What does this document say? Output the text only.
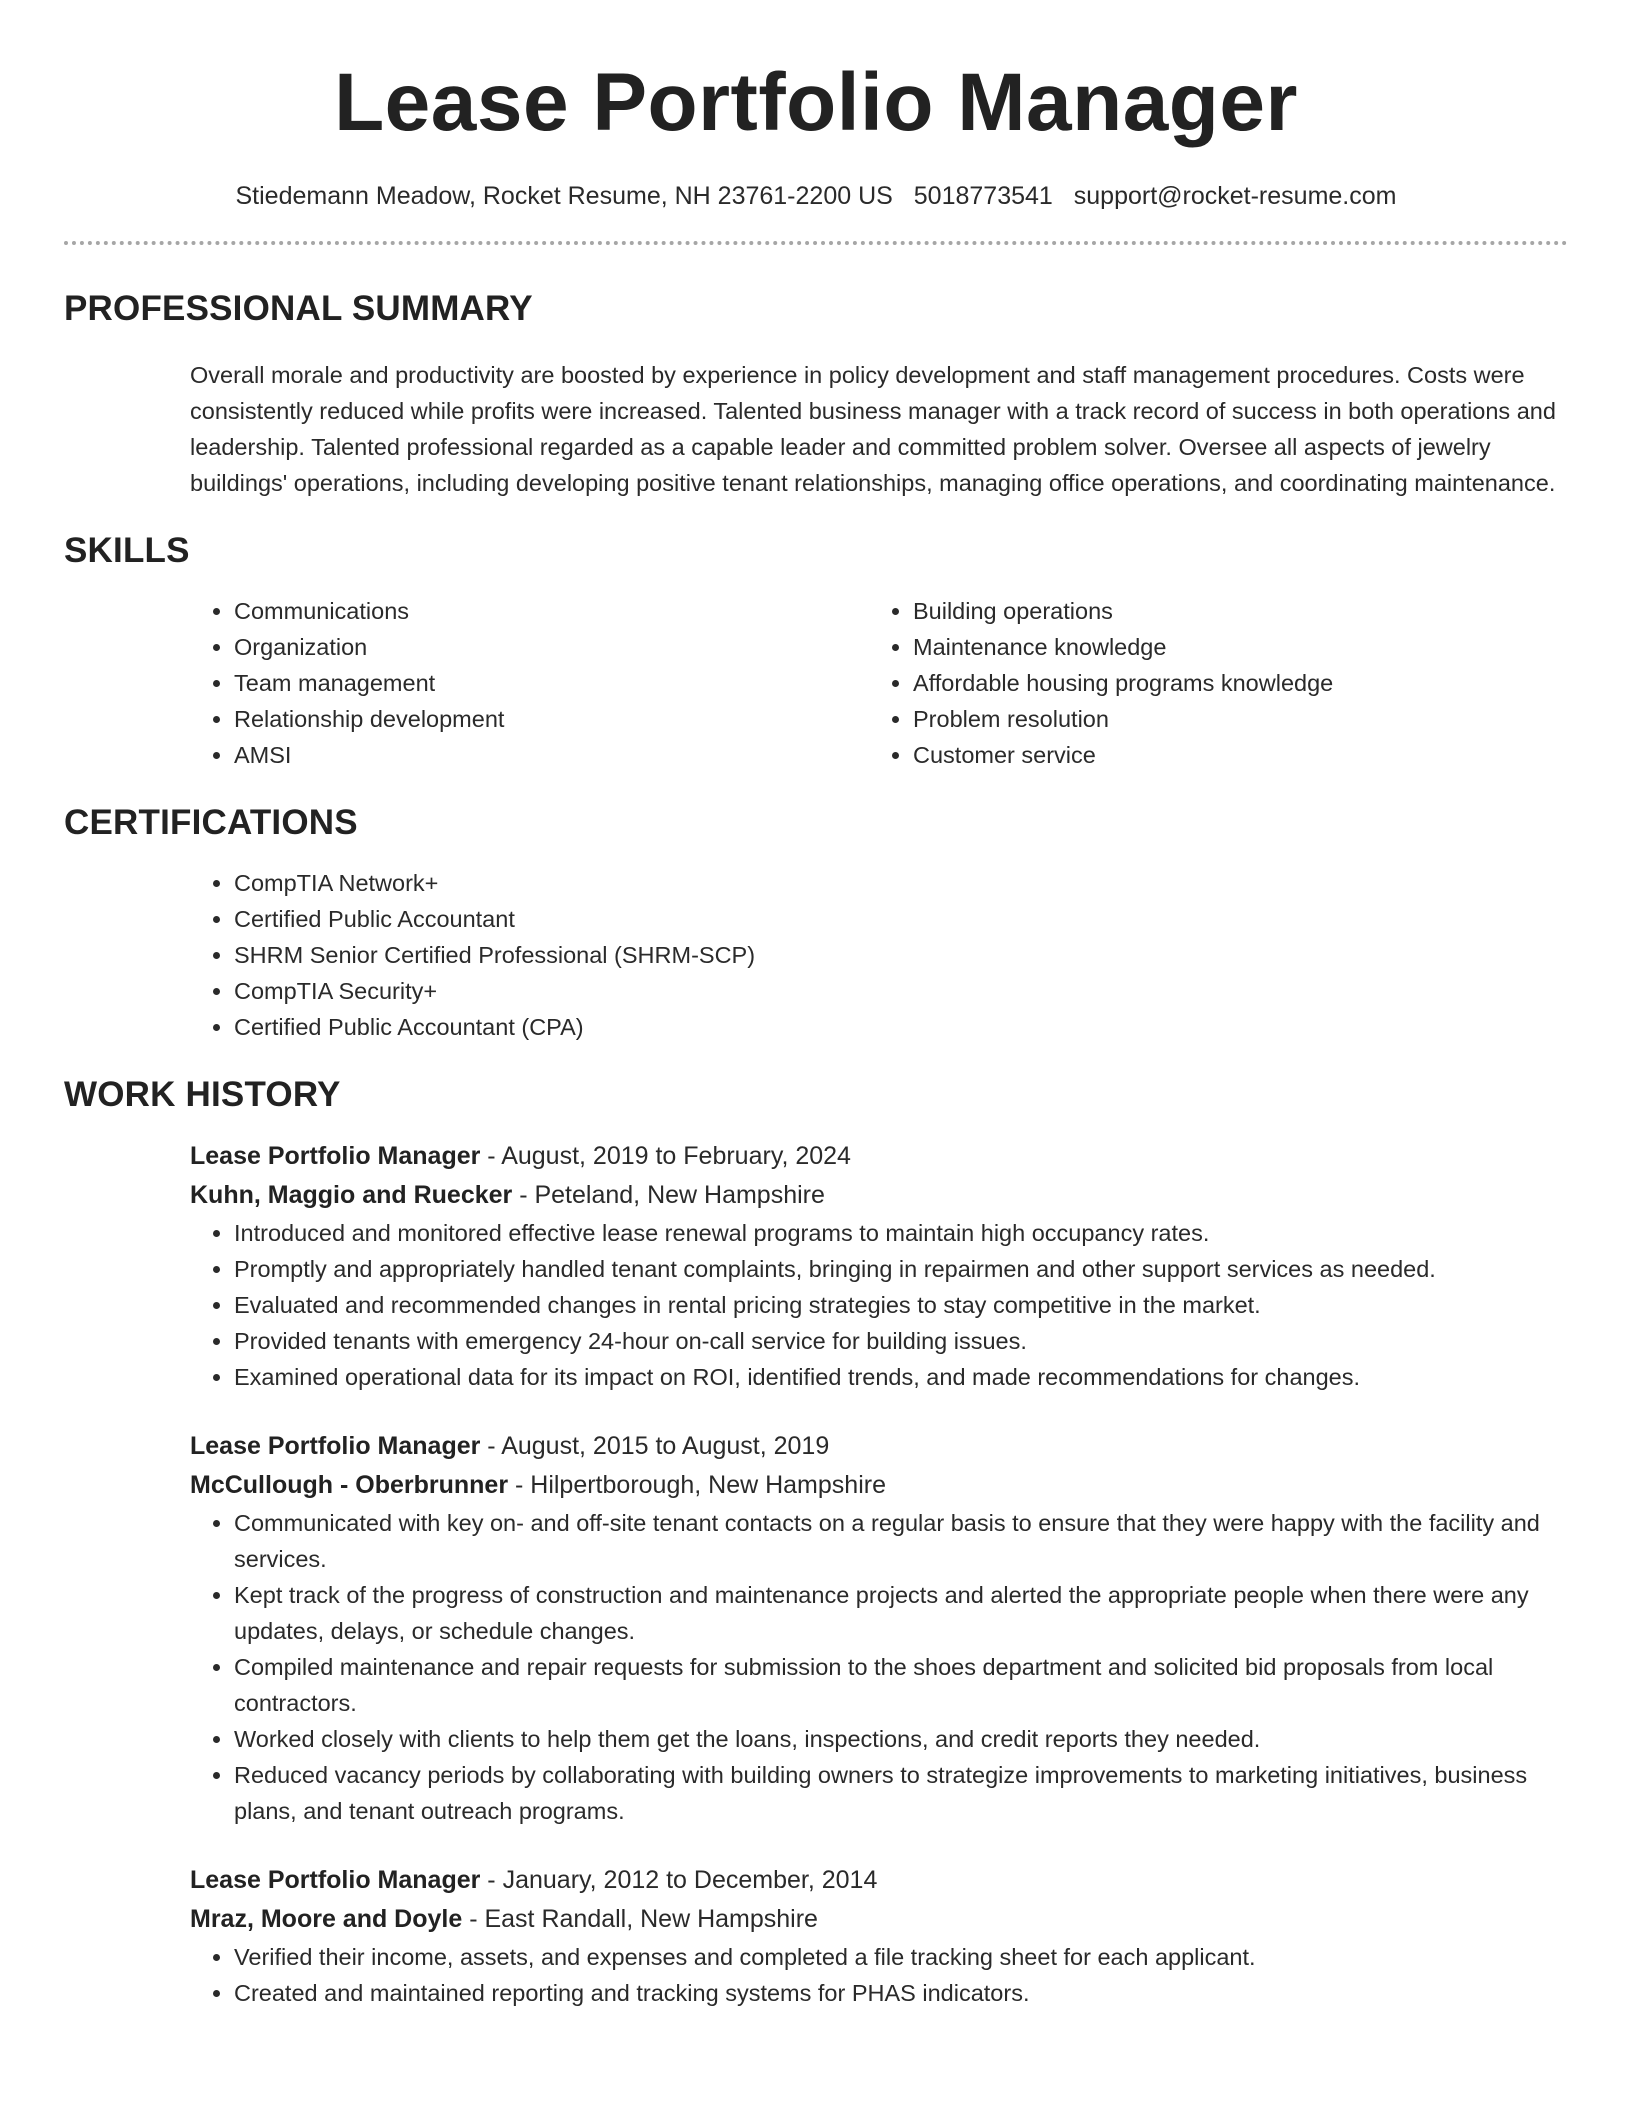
Lease Portfolio Manager
Stiedemann Meadow, Rocket Resume, NH 23761-2200 US 5018773541 support@rocket-resume.com
PROFESSIONAL SUMMARY
Overall morale and productivity are boosted by experience in policy development and staff management procedures. Costs were consistently reduced while profits were increased. Talented business manager with a track record of success in both operations and leadership. Talented professional regarded as a capable leader and committed problem solver. Oversee all aspects of jewelry buildings' operations, including developing positive tenant relationships, managing office operations, and coordinating maintenance.
SKILLS
• Communications
• Organization
• Team management
• Relationship development
• AMSI
• Building operations
• Maintenance knowledge
• Affordable housing programs knowledge
• Problem resolution
• Customer service
CERTIFICATIONS
• CompTIA Network+
• Certified Public Accountant
• SHRM Senior Certified Professional (SHRM-SCP)
• CompTIA Security+
• Certified Public Accountant (CPA)
WORK HISTORY
Lease Portfolio Manager - August, 2019 to February, 2024
Kuhn, Maggio and Ruecker - Peteland, New Hampshire
• Introduced and monitored effective lease renewal programs to maintain high occupancy rates.
• Promptly and appropriately handled tenant complaints, bringing in repairmen and other support services as needed.
• Evaluated and recommended changes in rental pricing strategies to stay competitive in the market.
• Provided tenants with emergency 24-hour on-call service for building issues.
• Examined operational data for its impact on ROI, identified trends, and made recommendations for changes.
Lease Portfolio Manager - August, 2015 to August, 2019
McCullough - Oberbrunner - Hilpertborough, New Hampshire
• Communicated with key on- and off-site tenant contacts on a regular basis to ensure that they were happy with the facility and services.
• Kept track of the progress of construction and maintenance projects and alerted the appropriate people when there were any updates, delays, or schedule changes.
• Compiled maintenance and repair requests for submission to the shoes department and solicited bid proposals from local contractors.
• Worked closely with clients to help them get the loans, inspections, and credit reports they needed.
• Reduced vacancy periods by collaborating with building owners to strategize improvements to marketing initiatives, business plans, and tenant outreach programs.
Lease Portfolio Manager - January, 2012 to December, 2014
Mraz, Moore and Doyle - East Randall, New Hampshire
• Verified their income, assets, and expenses and completed a file tracking sheet for each applicant.
• Created and maintained reporting and tracking systems for PHAS indicators.
